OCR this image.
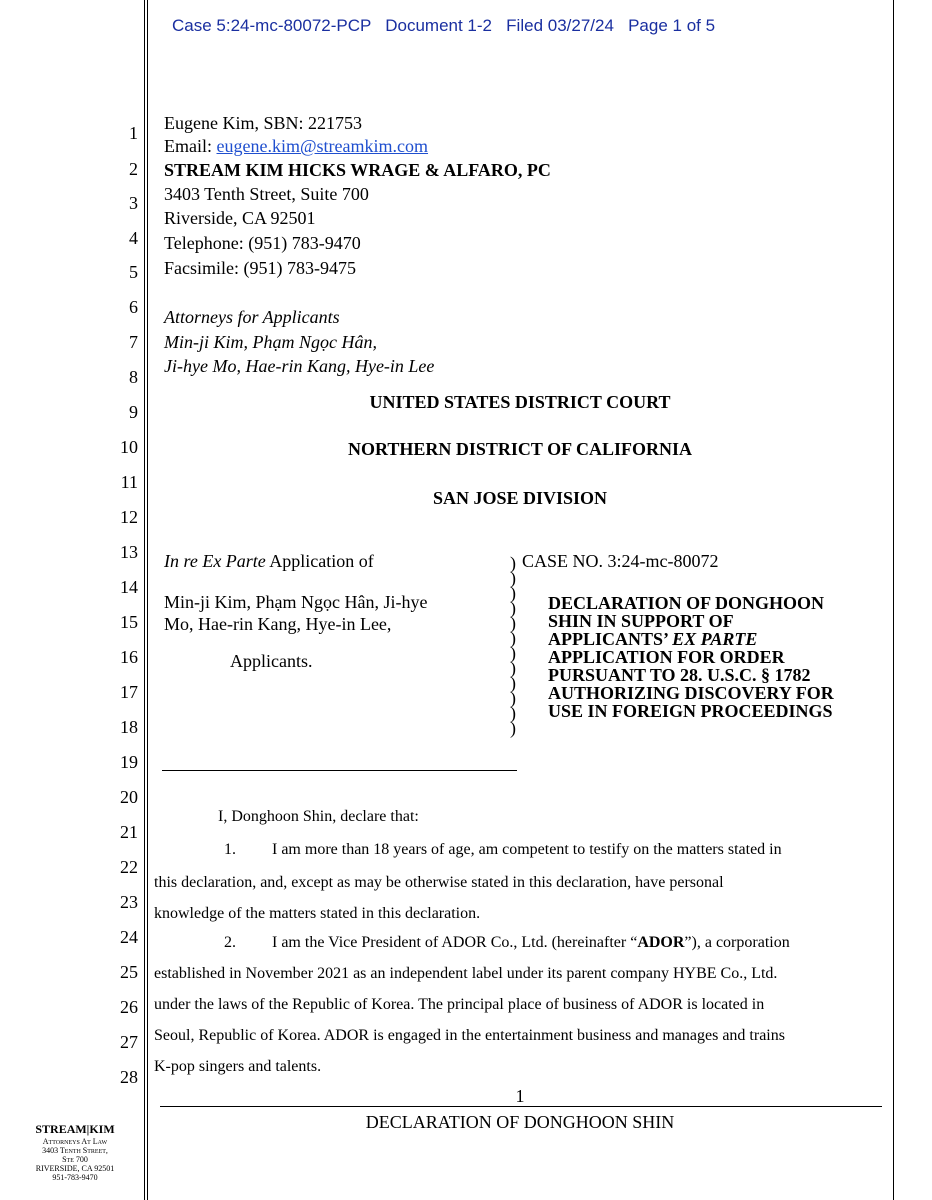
Case 5:24-mc-80072-PCP   Document 1-2   Filed 03/27/24   Page 1 of 5
1
2
3
4
5
6
7
8
9
10
11
12
13
14
15
16
17
18
19
20
21
22
23
24
25
26
27
28
Eugene Kim, SBN: 221753
Email: eugene.kim@streamkim.com
STREAM KIM HICKS WRAGE & ALFARO, PC
3403 Tenth Street, Suite 700
Riverside, CA 92501
Telephone: (951) 783-9470
Facsimile: (951) 783-9475
Attorneys for Applicants
Min-ji Kim, Phạm Ngọc Hân,
Ji-hye Mo, Hae-rin Kang, Hye-in Lee
UNITED STATES DISTRICT COURT
NORTHERN DISTRICT OF CALIFORNIA
SAN JOSE DIVISION
In re Ex Parte Application of
Min-ji Kim, Phạm Ngọc Hân, Ji-hye
Mo, Hae-rin Kang, Hye-in Lee,
Applicants.
)
)
)
)
)
)
)
)
)
)
)
)
CASE NO. 3:24-mc-80072
DECLARATION OF DONGHOON
SHIN IN SUPPORT OF
APPLICANTS’ EX PARTE
APPLICATION FOR ORDER
PURSUANT TO 28. U.S.C. § 1782
AUTHORIZING DISCOVERY FOR
USE IN FOREIGN PROCEEDINGS
I, Donghoon Shin, declare that:
1. I am more than 18 years of age, am competent to testify on the matters stated in
this declaration, and, except as may be otherwise stated in this declaration, have personal
knowledge of the matters stated in this declaration.
2. I am the Vice President of ADOR Co., Ltd. (hereinafter “ADOR”), a corporation
established in November 2021 as an independent label under its parent company HYBE Co., Ltd.
under the laws of the Republic of Korea. The principal place of business of ADOR is located in
Seoul, Republic of Korea. ADOR is engaged in the entertainment business and manages and trains
K-pop singers and talents.
1
DECLARATION OF DONGHOON SHIN
STREAM|KIM
Attorneys At Law
3403 Tenth Street,
Ste 700
RIVERSIDE, CA 92501
951-783-9470
